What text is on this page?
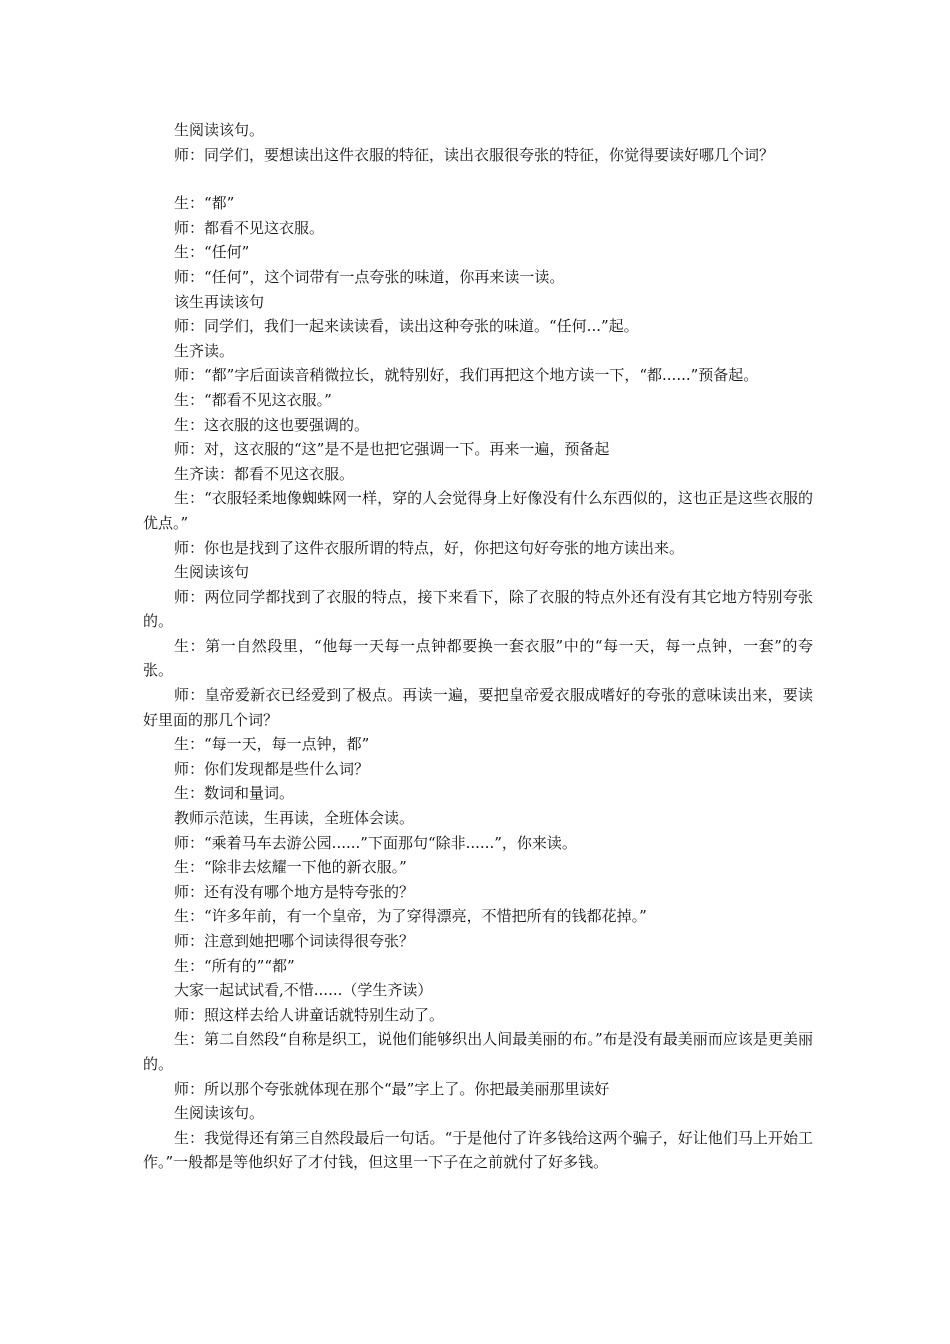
生阅读该句。

师：同学们，要想读出这件衣服的特征，读出衣服很夸张的特征，你觉得要读好哪几个词？

生：“都”

师：都看不见这衣服。

生：“任何”

师：“任何”，这个词带有一点夸张的味道，你再来读一读。

该生再读该句

师：同学们，我们一起来读读看，读出这种夸张的味道。“任何...”起。

生齐读。

师：“都”字后面读音稍微拉长，就特别好，我们再把这个地方读一下，“都......”预备起。

生：“都看不见这衣服。”

生：这衣服的这也要强调的。

师：对，这衣服的“这”是不是也把它强调一下。再来一遍，预备起

生齐读：都看不见这衣服。

生：“衣服轻柔地像蜘蛛网一样，穿的人会觉得身上好像没有什么东西似的，这也正是这些衣服的优点。”

师：你也是找到了这件衣服所谓的特点，好，你把这句好夸张的地方读出来。

生阅读该句

师：两位同学都找到了衣服的特点，接下来看下，除了衣服的特点外还有没有其它地方特别夸张的。

生：第一自然段里，“他每一天每一点钟都要换一套衣服”中的“每一天，每一点钟，一套”的夸张。

师：皇帝爱新衣已经爱到了极点。再读一遍，要把皇帝爱衣服成嗜好的夸张的意味读出来，要读好里面的那几个词？

生：“每一天，每一点钟，都”

师：你们发现都是些什么词？

生：数词和量词。

教师示范读，生再读，全班体会读。

师：“乘着马车去游公园......”下面那句“除非......”，你来读。

生：“除非去炫耀一下他的新衣服。”

师：还有没有哪个地方是特夸张的？

生：“许多年前，有一个皇帝，为了穿得漂亮，不惜把所有的钱都花掉。”

师：注意到她把哪个词读得很夸张？

生：“所有的”“都”

大家一起试试看,不惜......（学生齐读）

师：照这样去给人讲童话就特别生动了。

生：第二自然段“自称是织工，说他们能够织出人间最美丽的布。”布是没有最美丽而应该是更美丽的。

师：所以那个夸张就体现在那个“最”字上了。你把最美丽那里读好

生阅读该句。

生：我觉得还有第三自然段最后一句话。“于是他付了许多钱给这两个骗子，好让他们马上开始工作。”一般都是等他织好了才付钱，但这里一下子在之前就付了好多钱。
